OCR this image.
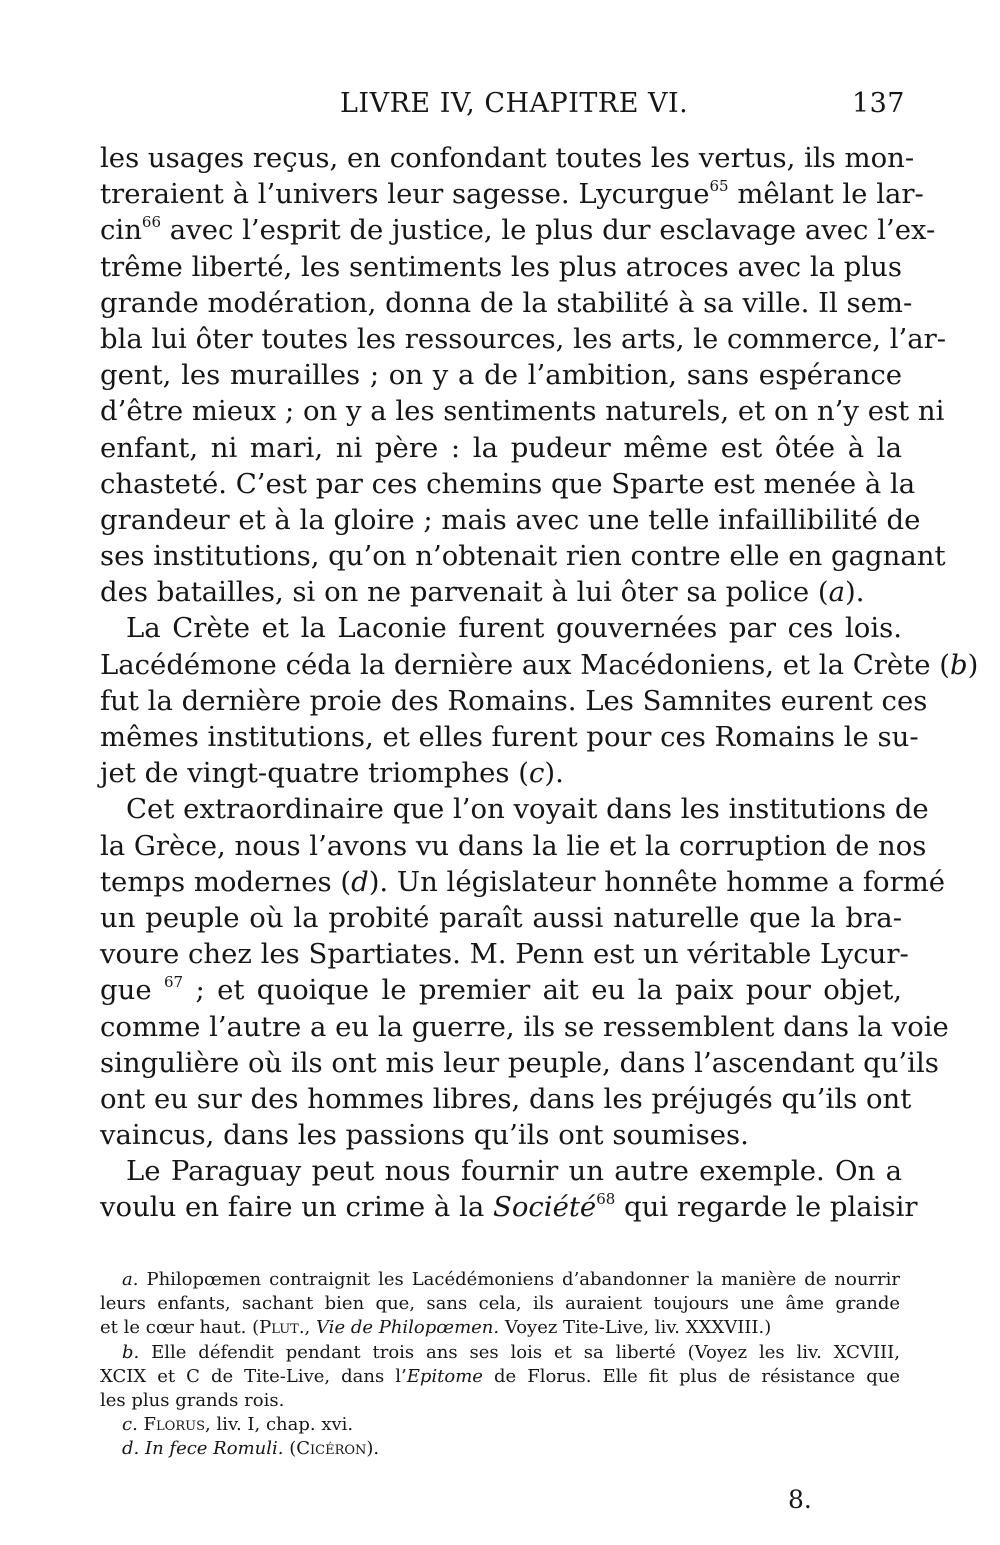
LIVRE IV, CHAPITRE VI.	137
les usages reçus, en confondant toutes les vertus, ils mon-
treraient à l’univers leur sagesse. Lycurgue$^{65}$ mêlant le lar-
cin$^{66}$ avec l’esprit de justice, le plus dur esclavage avec l’ex-
trême liberté, les sentiments les plus atroces avec la plus
grande modération, donna de la stabilité à sa ville. Il sem-
bla lui ôter toutes les ressources, les arts, le commerce, l’ar-
gent, les murailles ; on y a de l’ambition, sans espérance
d’être mieux ; on y a les sentiments naturels, et on n’y est ni
enfant, ni mari, ni père : la pudeur même est ôtée à la
chasteté. C’est par ces chemins que Sparte est menée à la
grandeur et à la gloire ; mais avec une telle infaillibilité de
ses institutions, qu’on n’obtenait rien contre elle en gagnant
des batailles, si on ne parvenait à lui ôter sa police (a).
La Crète et la Laconie furent gouvernées par ces lois.
Lacédémone céda la dernière aux Macédoniens, et la Crète (b)
fut la dernière proie des Romains. Les Samnites eurent ces
mêmes institutions, et elles furent pour ces Romains le su-
jet de vingt-quatre triomphes (c).
Cet extraordinaire que l’on voyait dans les institutions de
la Grèce, nous l’avons vu dans la lie et la corruption de nos
temps modernes (d). Un législateur honnête homme a formé
un peuple où la probité paraît aussi naturelle que la bra-
voure chez les Spartiates. M. Penn est un véritable Lycur-
gue $^{67}$ ; et quoique le premier ait eu la paix pour objet,
comme l’autre a eu la guerre, ils se ressemblent dans la voie
singulière où ils ont mis leur peuple, dans l’ascendant qu’ils
ont eu sur des hommes libres, dans les préjugés qu’ils ont
vaincus, dans les passions qu’ils ont soumises.
Le Paraguay peut nous fournir un autre exemple. On a
voulu en faire un crime à la Société$^{68}$ qui regarde le plaisir
a. Philopœmen contraignit les Lacédémoniens d’abandonner la manière de nourrir
leurs enfants, sachant bien que, sans cela, ils auraient toujours une âme grande
et le cœur haut. (Plut., Vie de Philopœmen. Voyez Tite-Live, liv. XXXVIII.)
b. Elle défendit pendant trois ans ses lois et sa liberté (Voyez les liv. XCVIII,
XCIX et C de Tite-Live, dans l’Epitome de Florus. Elle fit plus de résistance que
les plus grands rois.
c. Florus, liv. I, chap. xvi.
d. In fece Romuli. (Cicéron).
8.
